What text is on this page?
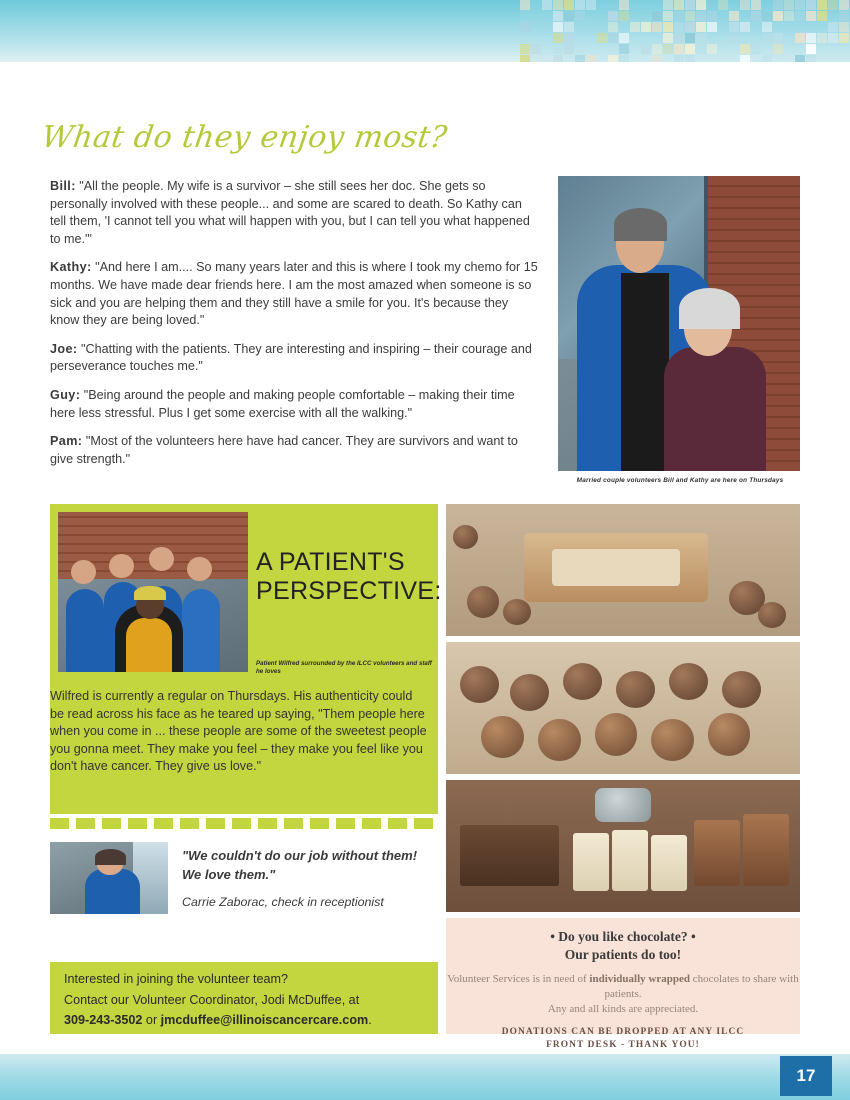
What do they enjoy most?

Bill: "All the people. My wife is a survivor – she still sees her doc. She gets so personally involved with these people... and some are scared to death. So Kathy can tell them, 'I cannot tell you what will happen with you, but I can tell you what happened to me.'"

Kathy: "And here I am.... So many years later and this is where I took my chemo for 15 months. We have made dear friends here. I am the most amazed when someone is so sick and you are helping them and they still have a smile for you. It's because they know they are being loved."

Joe: "Chatting with the patients. They are interesting and inspiring – their courage and perseverance touches me."

Guy: "Being around the people and making people comfortable – making their time here less stressful. Plus I get some exercise with all the walking."

Pam: "Most of the volunteers here have had cancer. They are survivors and want to give strength."

Married couple volunteers Bill and Kathy are here on Thursdays
A PATIENT'S
PERSPECTIVE:
Patient Wilfred surrounded by the ILCC volunteers and staff he loves
Wilfred is currently a regular on Thursdays. His authenticity could be read across his face as he teared up saying, "Them people here when you come in ... these people are some of the sweetest people you gonna meet. They make you feel – they make you feel like you don't have cancer. They give us love."
"We couldn't do our job without them! We love them."
Carrie Zaborac, check in receptionist
Interested in joining the volunteer team?
Contact our Volunteer Coordinator, Jodi McDuffee, at
309-243-3502 or jmcduffee@illinoiscancercare.com.
• Do you like chocolate? •
Our patients do too!
Volunteer Services is in need of individually wrapped chocolates to share with patients.
Any and all kinds are appreciated.
DONATIONS CAN BE DROPPED AT ANY ILCC
FRONT DESK - THANK YOU!
17
